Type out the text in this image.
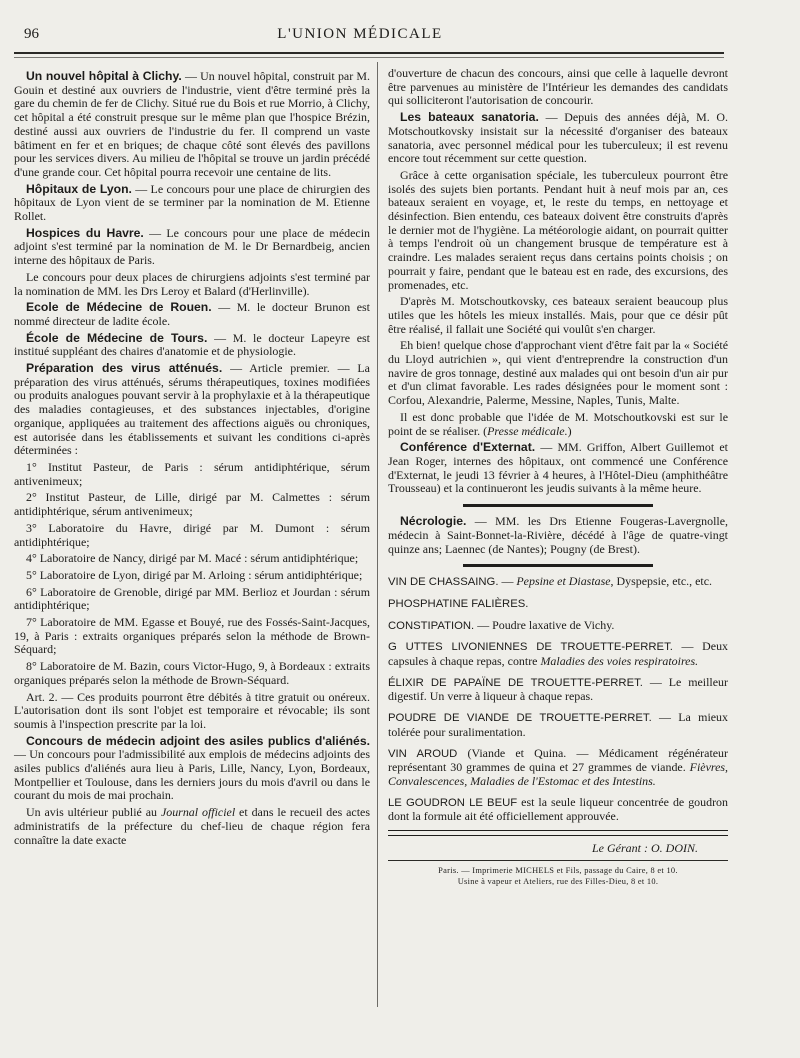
96	L'UNION MÉDICALE

Un nouvel hôpital à Clichy. — Un nouvel hôpital, construit par M. Gouin et destiné aux ouvriers de l'industrie, vient d'être terminé près la gare du chemin de fer de Clichy. Situé rue du Bois et rue Morrio, à Clichy, cet hôpital a été construit presque sur le même plan que l'hospice Brézin, destiné aussi aux ouvriers de l'industrie du fer. Il comprend un vaste bâtiment en fer et en briques; de chaque côté sont élevés des pavillons pour les services divers. Au milieu de l'hôpital se trouve un jardin précédé d'une grande cour. Cet hôpital pourra recevoir une centaine de lits.

Hôpitaux de Lyon. — Le concours pour une place de chirurgien des hôpitaux de Lyon vient de se terminer par la nomination de M. Etienne Rollet.

Hospices du Havre. — Le concours pour une place de médecin adjoint s'est terminé par la nomination de M. le Dr Bernardbeig, ancien interne des hôpitaux de Paris.

Le concours pour deux places de chirurgiens adjoints s'est terminé par la nomination de MM. les Drs Leroy et Balard (d'Herlinville).

Ecole de Médecine de Rouen. — M. le docteur Brunon est nommé directeur de ladite école.

École de Médecine de Tours. — M. le docteur Lapeyre est institué suppléant des chaires d'anatomie et de physiologie.

Préparation des virus atténués. — Article premier. — La préparation des virus atténués, sérums thérapeutiques, toxines modifiées ou produits analogues pouvant servir à la prophylaxie et à la thérapeutique des maladies contagieuses, et des substances injectables, d'origine organique, appliquées au traitement des affections aiguës ou chroniques, est autorisée dans les établissements et suivant les conditions ci-après déterminées :

1° Institut Pasteur, de Paris : sérum antidiphtérique, sérum antivenimeux;

2° Institut Pasteur, de Lille, dirigé par M. Calmettes : sérum antidiphtérique, sérum antivenimeux;

3° Laboratoire du Havre, dirigé par M. Dumont : sérum antidiphtérique;

4° Laboratoire de Nancy, dirigé par M. Macé : sérum antidiphtérique;

5° Laboratoire de Lyon, dirigé par M. Arloing : sérum antidiphtérique;

6° Laboratoire de Grenoble, dirigé par MM. Berlioz et Jourdan : sérum antidiphtérique;

7° Laboratoire de MM. Egasse et Bouyé, rue des Fossés-Saint-Jacques, 19, à Paris : extraits organiques préparés selon la méthode de Brown-Séquard;

8° Laboratoire de M. Bazin, cours Victor-Hugo, 9, à Bordeaux : extraits organiques préparés selon la méthode de Brown-Séquard.

Art. 2. — Ces produits pourront être débités à titre gratuit ou onéreux. L'autorisation dont ils sont l'objet est temporaire et révocable; ils sont soumis à l'inspection prescrite par la loi.

Concours de médecin adjoint des asiles publics d'aliénés. — Un concours pour l'admissibilité aux emplois de médecins adjoints des asiles publics d'aliénés aura lieu à Paris, Lille, Nancy, Lyon, Bordeaux, Montpellier et Toulouse, dans les derniers jours du mois d'avril ou dans le courant du mois de mai prochain.

Un avis ultérieur publié au Journal officiel et dans le recueil des actes administratifs de la préfecture du chef-lieu de chaque région fera connaître la date exacte

d'ouverture de chacun des concours, ainsi que celle à laquelle devront être parvenues au ministère de l'Intérieur les demandes des candidats qui solliciteront l'autorisation de concourir.

Les bateaux sanatoria. — Depuis des années déjà, M. O. Motschoutkovsky insistait sur la nécessité d'organiser des bateaux sanatoria, avec personnel médical pour les tuberculeux; il est revenu encore tout récemment sur cette question.

Grâce à cette organisation spéciale, les tuberculeux pourront être isolés des sujets bien portants. Pendant huit à neuf mois par an, ces bateaux seraient en voyage, et, le reste du temps, en nettoyage et désinfection. Bien entendu, ces bateaux doivent être construits d'après le dernier mot de l'hygiène. La météorologie aidant, on pourrait quitter à temps l'endroit où un changement brusque de température est à craindre. Les malades seraient reçus dans certains points choisis ; on pourrait y faire, pendant que le bateau est en rade, des excursions, des promenades, etc.

D'après M. Motschoutkovsky, ces bateaux seraient beaucoup plus utiles que les hôtels les mieux installés. Mais, pour que ce désir pût être réalisé, il fallait une Société qui voulût s'en charger.

Eh bien! quelque chose d'approchant vient d'être fait par la « Société du Lloyd autrichien », qui vient d'entreprendre la construction d'un navire de gros tonnage, destiné aux malades qui ont besoin d'un air pur et d'un climat favorable. Les rades désignées pour le moment sont : Corfou, Alexandrie, Palerme, Messine, Naples, Tunis, Malte.

Il est donc probable que l'idée de M. Motschoutkovski est sur le point de se réaliser. (Presse médicale.)

Conférence d'Externat. — MM. Griffon, Albert Guillemot et Jean Roger, internes des hôpitaux, ont commencé une Conférence d'Externat, le jeudi 13 février à 4 heures, à l'Hôtel-Dieu (amphithéâtre Trousseau) et la continueront les jeudis suivants à la même heure.

Nécrologie. — MM. les Drs Etienne Fougeras-Lavergnolle, médecin à Saint-Bonnet-la-Rivière, décédé à l'âge de quatre-vingt quinze ans; Laennec (de Nantes); Pougny (de Brest).

VIN DE CHASSAING. — Pepsine et Diastase, Dyspepsie, etc., etc.

PHOSPHATINE FALIÈRES.

CONSTIPATION. — Poudre laxative de Vichy.

G UTTES LIVONIENNES DE TROUETTE-PERRET. — Deux capsules à chaque repas, contre Maladies des voies respiratoires.

ÉLIXIR DE PAPAÏNE DE TROUETTE-PERRET. — Le meilleur digestif. Un verre à liqueur à chaque repas.

POUDRE DE VIANDE DE TROUETTE-PERRET. — La mieux tolérée pour suralimentation.

VIN AROUD (Viande et Quina. — Médicament régénérateur représentant 30 grammes de quina et 27 grammes de viande. Fièvres, Convalescences, Maladies de l'Estomac et des Intestins.

LE GOUDRON LE BEUF est la seule liqueur concentrée de goudron dont la formule ait été officiellement approuvée.

Le Gérant : O. DOIN.
Paris. — Imprimerie MICHELS et Fils, passage du Caire, 8 et 10.
Usine à vapeur et Ateliers, rue des Filles-Dieu, 8 et 10.
